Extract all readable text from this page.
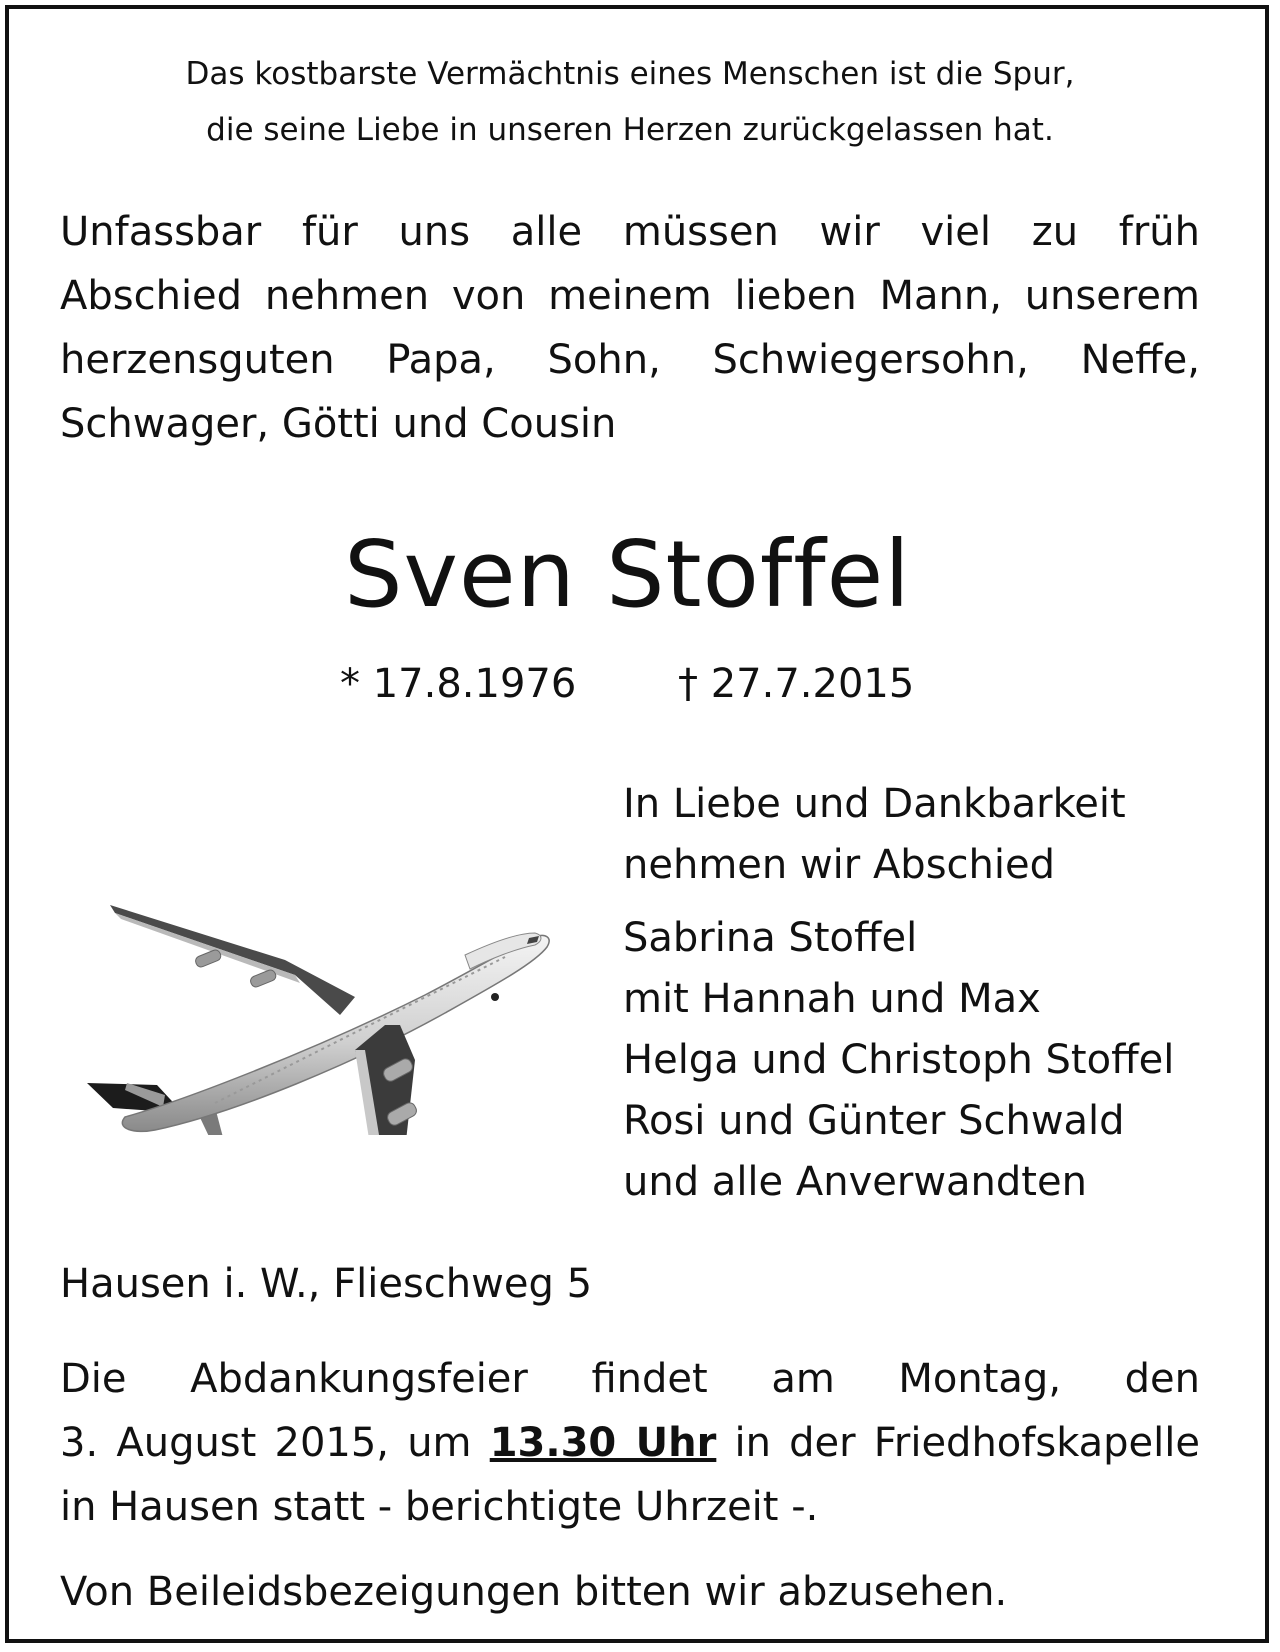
Das kostbarste Vermächtnis eines Menschen ist die Spur,
die seine Liebe in unseren Herzen zurückgelassen hat.
Unfassbar für uns alle müssen wir viel zu früh
Abschied nehmen von meinem lieben Mann, unserem
herzensguten Papa, Sohn, Schwiegersohn, Neffe,
Schwager, Götti und Cousin
Sven Stoffel
* 17.8.1976	† 27.7.2015
In Liebe und Dankbarkeit
nehmen wir Abschied
Sabrina Stoffel
mit Hannah und Max
Helga und Christoph Stoffel
Rosi und Günter Schwald
und alle Anverwandten
Hausen i. W., Flieschweg 5
Die Abdankungsfeier findet am Montag, den
3. August 2015, um 13.30 Uhr in der Friedhofskapelle
in Hausen statt - berichtigte Uhrzeit -.
Von Beileidsbezeigungen bitten wir abzusehen.
